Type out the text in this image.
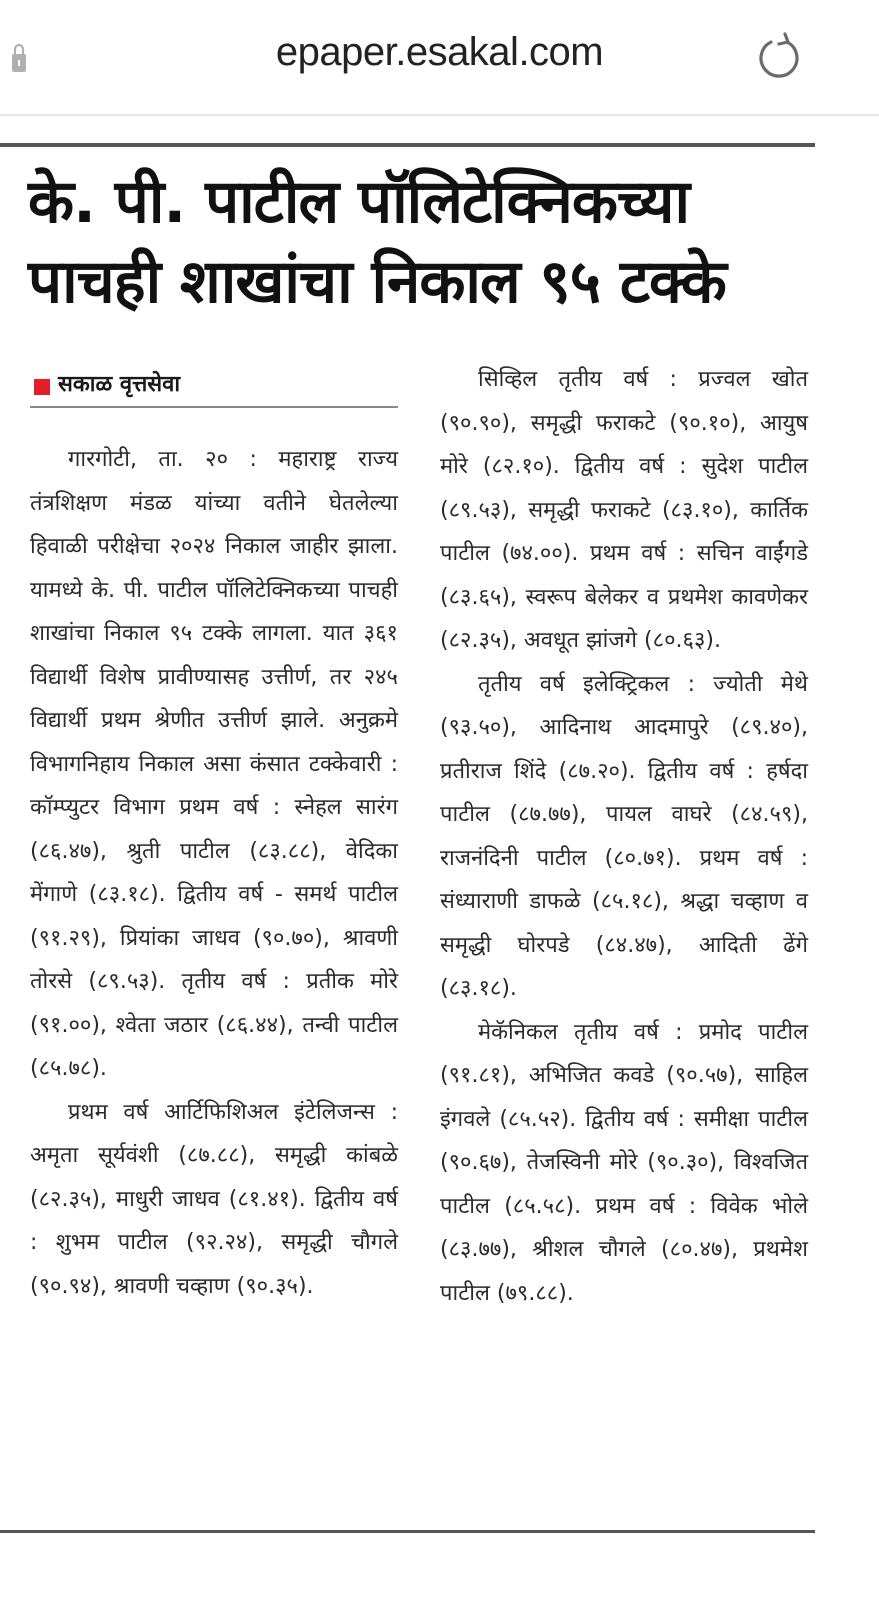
epaper.esakal.com
के. पी. पाटील पॉलिटेक्निकच्या
पाचही शाखांचा निकाल ९५ टक्के
सकाळ वृत्तसेवा

गारगोटी, ता. २० : महाराष्ट्र राज्य तंत्रशिक्षण मंडळ यांच्या वतीने घेतलेल्या हिवाळी परीक्षेचा २०२४ निकाल जाहीर झाला. यामध्ये के. पी. पाटील पॉलिटेक्निकच्या पाचही शाखांचा निकाल ९५ टक्के लागला. यात ३६१ विद्यार्थी विशेष प्रावीण्यासह उत्तीर्ण, तर २४५ विद्यार्थी प्रथम श्रेणीत उत्तीर्ण झाले. अनुक्रमे विभागनिहाय निकाल असा कंसात टक्केवारी : कॉम्प्युटर विभाग प्रथम वर्ष : स्नेहल सारंग (८६.४७), श्रुती पाटील (८३.८८), वेदिका मेंगाणे (८३.१८). द्वितीय वर्ष - समर्थ पाटील (९१.२९), प्रियांका जाधव (९०.७०), श्रावणी तोरसे (८९.५३). तृतीय वर्ष : प्रतीक मोरे (९१.००), श्वेता जठार (८६.४४), तन्वी पाटील (८५.७८).

प्रथम वर्ष आर्टिफिशिअल इंटेलिजन्स : अमृता सूर्यवंशी (८७.८८), समृद्धी कांबळे (८२.३५), माधुरी जाधव (८१.४१). द्वितीय वर्ष : शुभम पाटील (९२.२४), समृद्धी चौगले (९०.९४), श्रावणी चव्हाण (९०.३५).

सिव्हिल तृतीय वर्ष : प्रज्वल खोत (९०.९०), समृद्धी फराकटे (९०.१०), आयुष मोरे (८२.१०). द्वितीय वर्ष : सुदेश पाटील (८९.५३), समृद्धी फराकटे (८३.१०), कार्तिक पाटील (७४.००). प्रथम वर्ष : सचिन वाईंगडे (८३.६५), स्वरूप बेलेकर व प्रथमेश कावणेकर (८२.३५), अवधूत झांजगे (८०.६३).

तृतीय वर्ष इलेक्ट्रिकल : ज्योती मेथे (९३.५०), आदिनाथ आदमापुरे (८९.४०), प्रतीराज शिंदे (८७.२०). द्वितीय वर्ष : हर्षदा पाटील (८७.७७), पायल वाघरे (८४.५९), राजनंदिनी पाटील (८०.७१). प्रथम वर्ष : संध्याराणी डाफळे (८५.१८), श्रद्धा चव्हाण व समृद्धी घोरपडे (८४.४७), आदिती ढेंगे (८३.१८).

मेकॅनिकल तृतीय वर्ष : प्रमोद पाटील (९१.८१), अभिजित कवडे (९०.५७), साहिल इंगवले (८५.५२). द्वितीय वर्ष : समीक्षा पाटील (९०.६७), तेजस्विनी मोरे (९०.३०), विश्वजित पाटील (८५.५८). प्रथम वर्ष : विवेक भोले (८३.७७), श्रीशल चौगले (८०.४७), प्रथमेश पाटील (७९.८८).
